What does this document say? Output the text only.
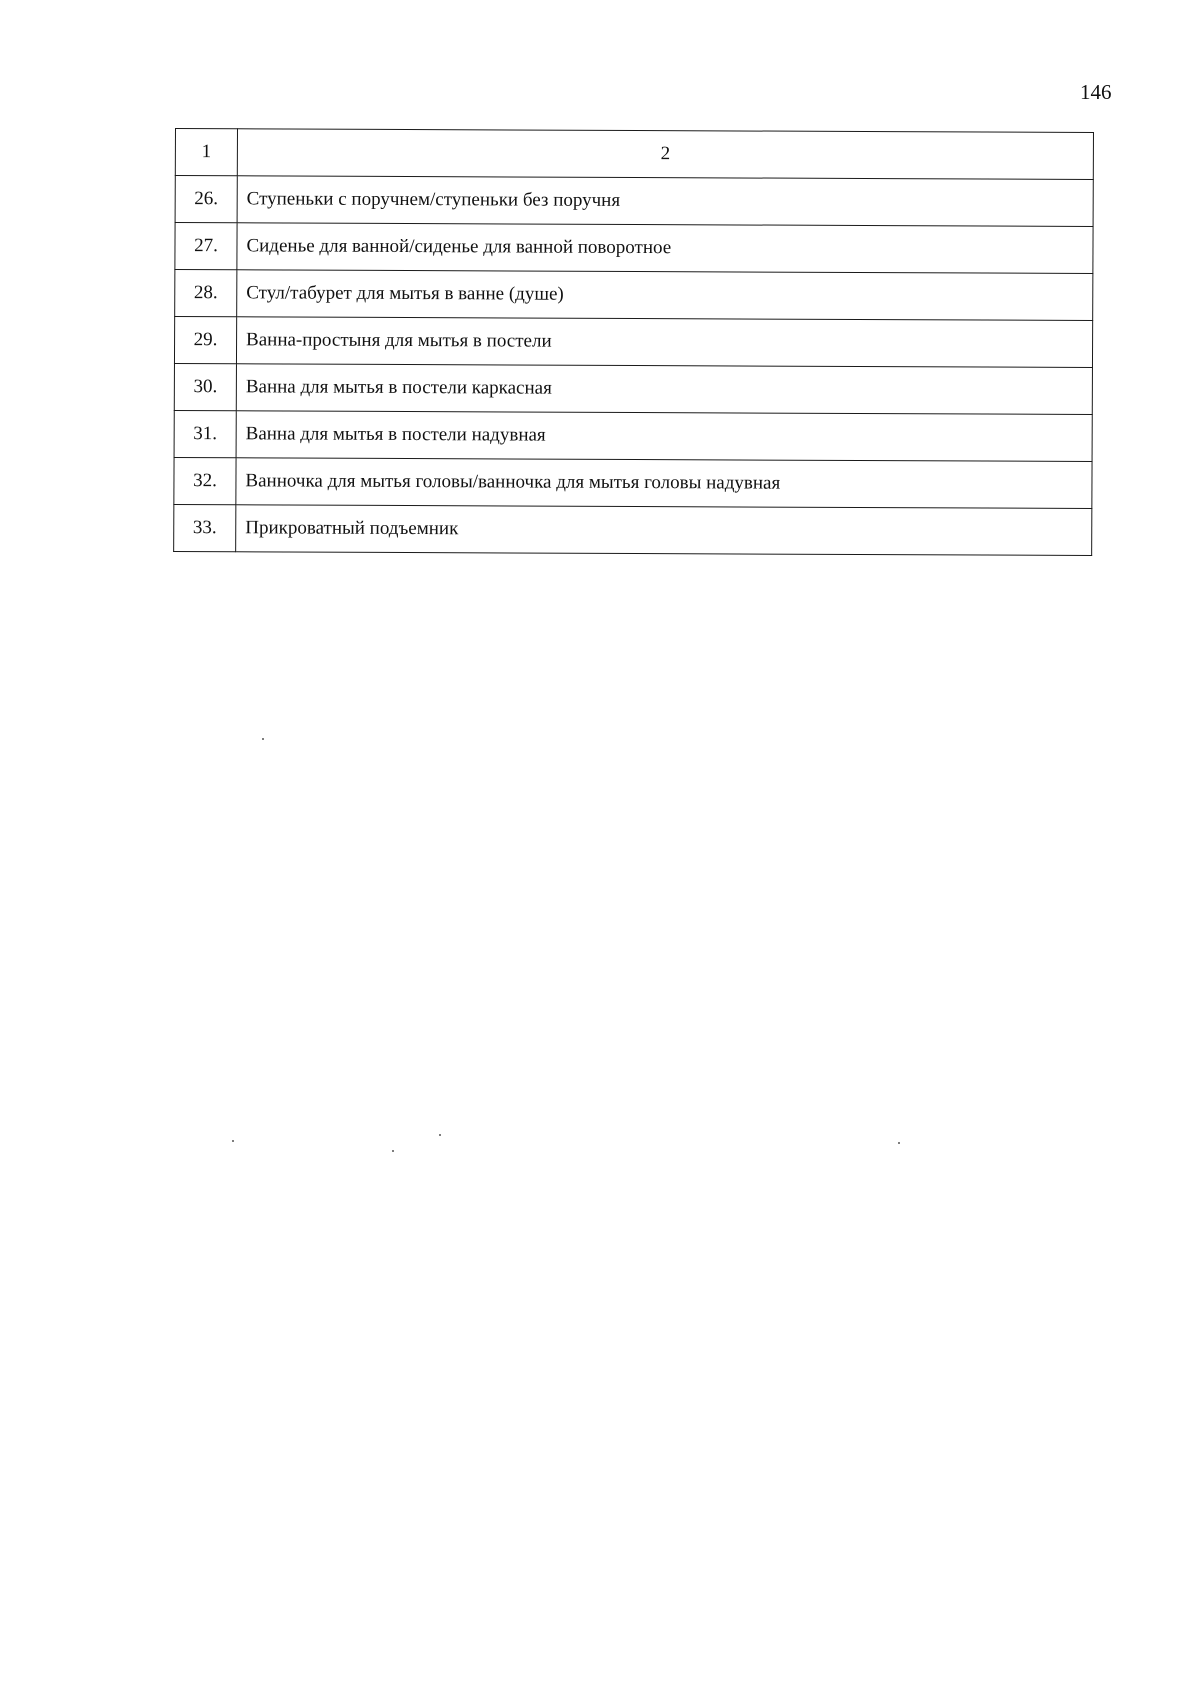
146
1	2
26.	Ступеньки с поручнем/ступеньки без поручня
27.	Сиденье для ванной/сиденье для ванной поворотное
28.	Стул/табурет для мытья в ванне (душе)
29.	Ванна-простыня для мытья в постели
30.	Ванна для мытья в постели каркасная
31.	Ванна для мытья в постели надувная
32.	Ванночка для мытья головы/ванночка для мытья головы надувная
33.	Прикроватный подъемник
